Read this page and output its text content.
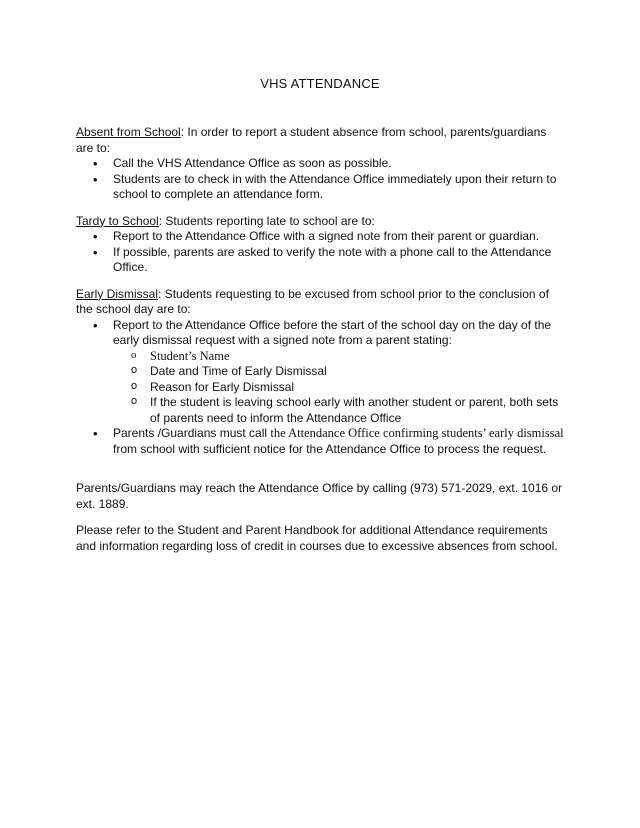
VHS ATTENDANCE

Absent from School: In order to report a student absence from school, parents/guardians are to:

• Call the VHS Attendance Office as soon as possible.
• Students are to check in with the Attendance Office immediately upon their return to school to complete an attendance form.

Tardy to School: Students reporting late to school are to:

• Report to the Attendance Office with a signed note from their parent or guardian.
• If possible, parents are asked to verify the note with a phone call to the Attendance Office.

Early Dismissal: Students requesting to be excused from school prior to the conclusion of the school day are to:

• Report to the Attendance Office before the start of the school day on the day of the early dismissal request with a signed note from a parent stating:
o Student’s Name
o Date and Time of Early Dismissal
o Reason for Early Dismissal
o If the student is leaving school early with another student or parent, both sets of parents need to inform the Attendance Office
• Parents /Guardians must call the Attendance Office confirming students’ early dismissal from school with sufficient notice for the Attendance Office to process the request.

Parents/Guardians may reach the Attendance Office by calling (973) 571-2029, ext. 1016 or ext. 1889.

Please refer to the Student and Parent Handbook for additional Attendance requirements and information regarding loss of credit in courses due to excessive absences from school.
